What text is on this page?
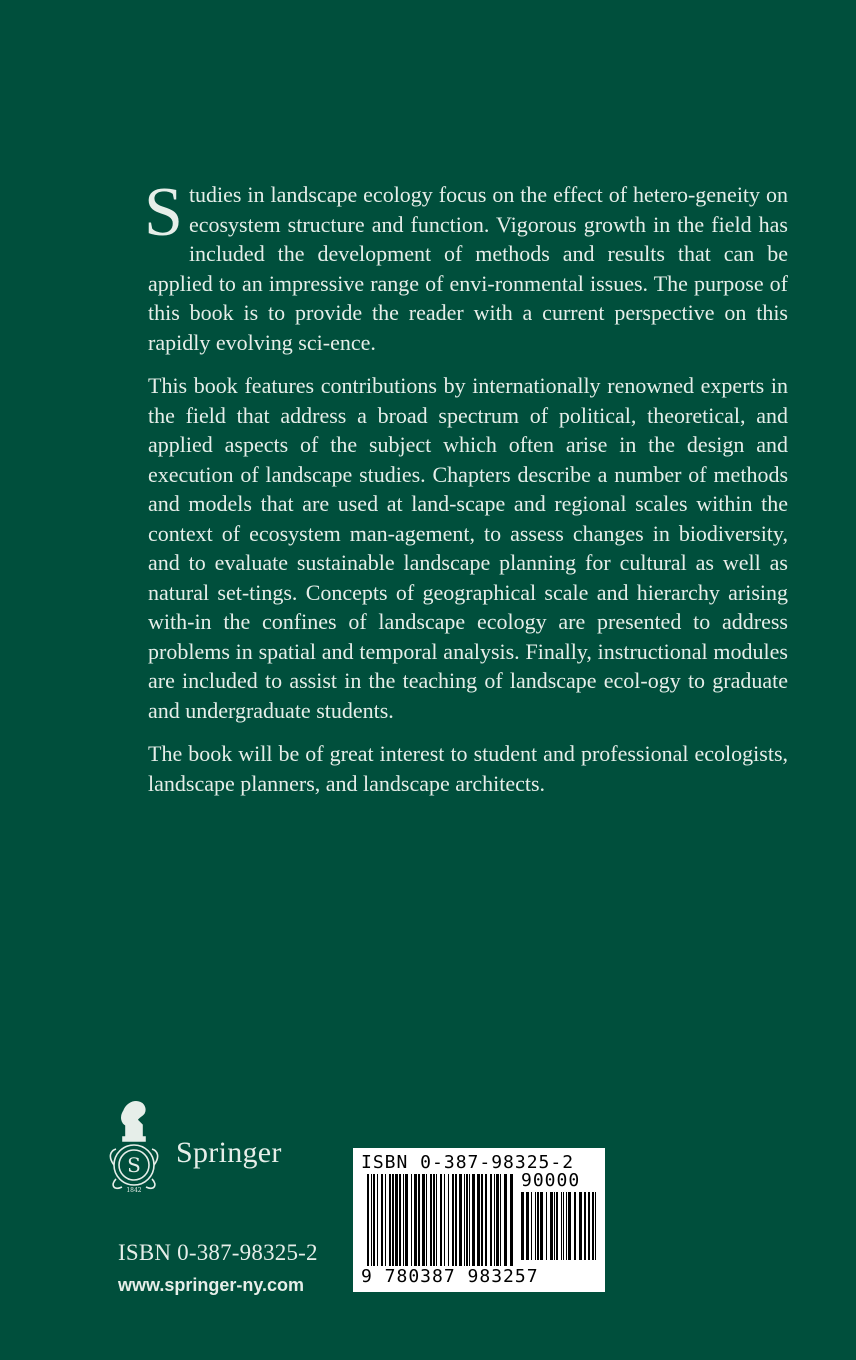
Studies in landscape ecology focus on the effect of hetero-geneity on ecosystem structure and function. Vigorous growth in the field has included the development of methods and results that can be applied to an impressive range of envi-ronmental issues. The purpose of this book is to provide the reader with a current perspective on this rapidly evolving sci-ence.

This book features contributions by internationally renowned experts in the field that address a broad spectrum of political, theoretical, and applied aspects of the subject which often arise in the design and execution of landscape studies. Chapters describe a number of methods and models that are used at land-scape and regional scales within the context of ecosystem man-agement, to assess changes in biodiversity, and to evaluate sustainable landscape planning for cultural as well as natural set-tings. Concepts of geographical scale and hierarchy arising with-in the confines of landscape ecology are presented to address problems in spatial and temporal analysis. Finally, instructional modules are included to assist in the teaching of landscape ecol-ogy to graduate and undergraduate students.

The book will be of great interest to student and professional ecologists, landscape planners, and landscape architects.

S
1842
Springer
ISBN 0-387-98325-2
www.springer-ny.com
ISBN 0-387-98325-2
90000
9 780387 983257
